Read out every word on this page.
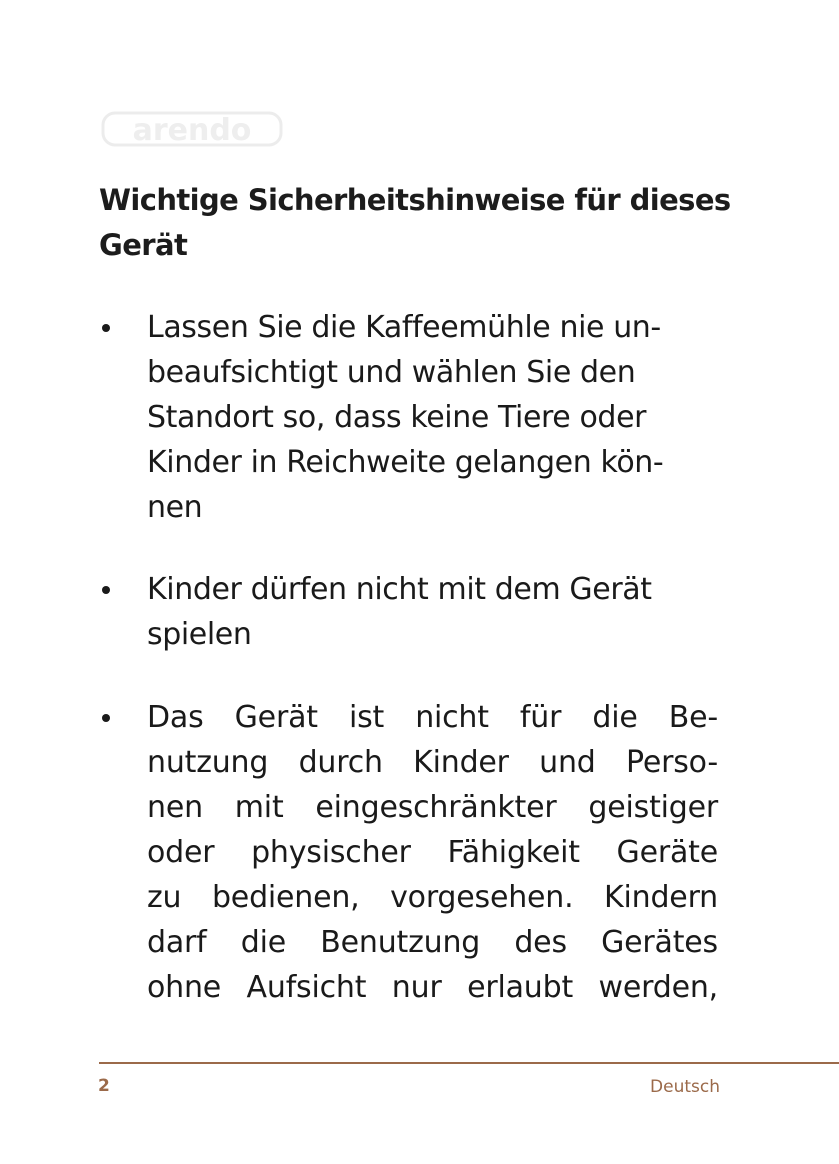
arendo
Wichtige Sicherheitshinweise für dieses
Gerät
Lassen Sie die Kaffeemühle nie un-
beaufsichtigt und wählen Sie den
Standort so, dass keine Tiere oder
Kinder in Reichweite gelangen kön-
nen
Kinder dürfen nicht mit dem Gerät
spielen
Das Gerät ist nicht für die Be-
nutzung durch Kinder und Perso-
nen mit eingeschränkter geistiger
oder physischer Fähigkeit Geräte
zu bedienen, vorgesehen. Kindern
darf die Benutzung des Gerätes
ohne Aufsicht nur erlaubt werden,
2	Deutsch
